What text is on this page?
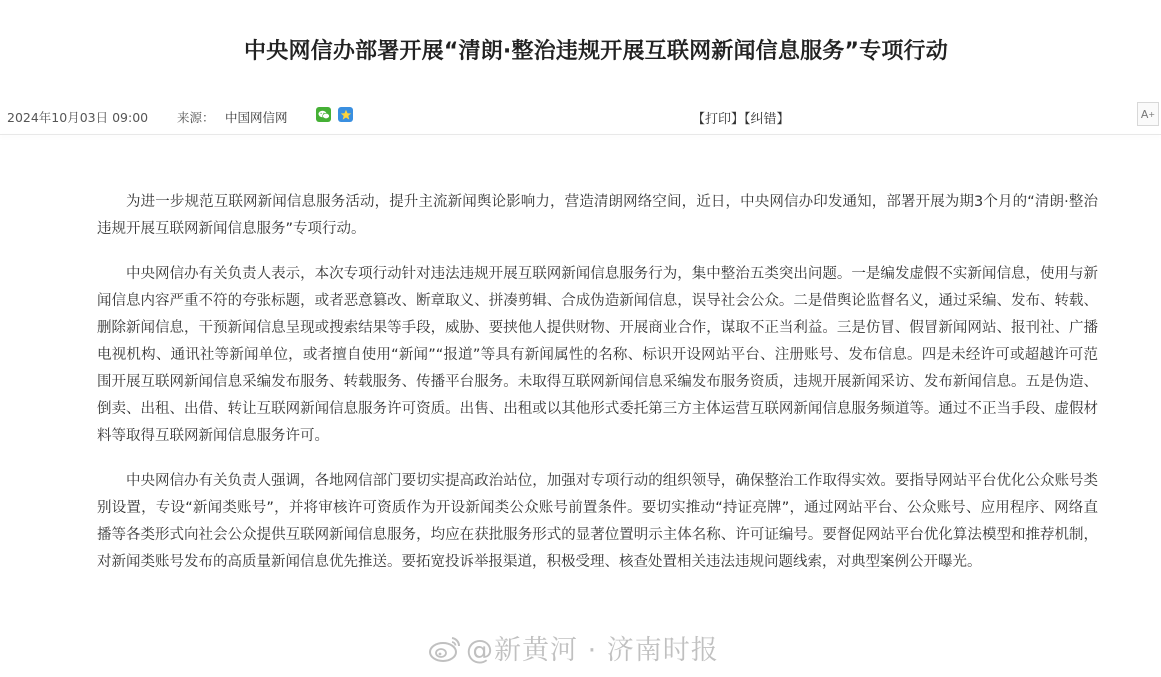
中央网信办部署开展“清朗·整治违规开展互联网新闻信息服务”专项行动
2024年10月03日 09:00 来源： 中国网信网	【打印】【纠错】	A +

为进一步规范互联网新闻信息服务活动，提升主流新闻舆论影响力，营造清朗网络空间，近日，中央网信办印发通知，部署开展为期3个月的“清朗·整治违规开展互联网新闻信息服务”专项行动。

中央网信办有关负责人表示，本次专项行动针对违法违规开展互联网新闻信息服务行为，集中整治五类突出问题。一是编发虚假不实新闻信息，使用与新闻信息内容严重不符的夸张标题，或者恶意篡改、断章取义、拼凑剪辑、合成伪造新闻信息，误导社会公众。二是借舆论监督名义，通过采编、发布、转载、删除新闻信息，干预新闻信息呈现或搜索结果等手段，威胁、要挟他人提供财物、开展商业合作，谋取不正当利益。三是仿冒、假冒新闻网站、报刊社、广播电视机构、通讯社等新闻单位，或者擅自使用“新闻”“报道”等具有新闻属性的名称、标识开设网站平台、注册账号、发布信息。四是未经许可或超越许可范围开展互联网新闻信息采编发布服务、转载服务、传播平台服务。未取得互联网新闻信息采编发布服务资质，违规开展新闻采访、发布新闻信息。五是伪造、倒卖、出租、出借、转让互联网新闻信息服务许可资质。出售、出租或以其他形式委托第三方主体运营互联网新闻信息服务频道等。通过不正当手段、虚假材料等取得互联网新闻信息服务许可。

中央网信办有关负责人强调，各地网信部门要切实提高政治站位，加强对专项行动的组织领导，确保整治工作取得实效。要指导网站平台优化公众账号类别设置，专设“新闻类账号”，并将审核许可资质作为开设新闻类公众账号前置条件。要切实推动“持证亮牌”，通过网站平台、公众账号、应用程序、网络直播等各类形式向社会公众提供互联网新闻信息服务，均应在获批服务形式的显著位置明示主体名称、许可证编号。要督促网站平台优化算法模型和推荐机制，对新闻类账号发布的高质量新闻信息优先推送。要拓宽投诉举报渠道，积极受理、核查处置相关违法违规问题线索，对典型案例公开曝光。

@新黄河 · 济南时报
